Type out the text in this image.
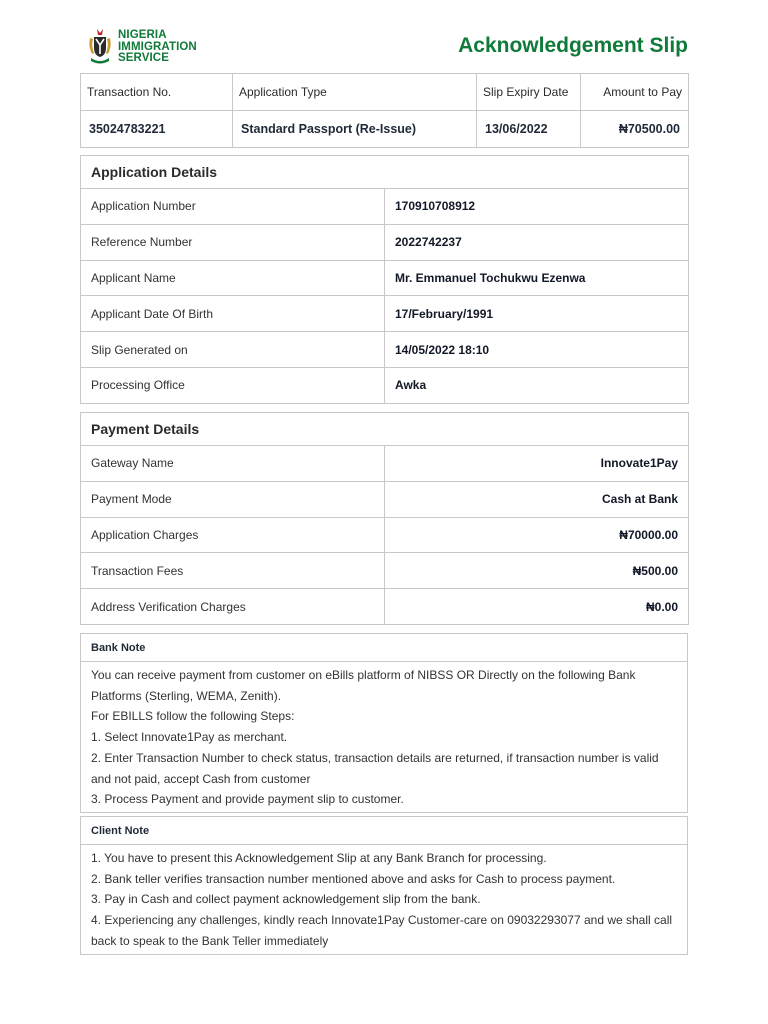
NIGERIA
IMMIGRATION
SERVICE
Acknowledgement Slip
Transaction No.	Application Type	Slip Expiry Date	Amount to Pay
35024783221	Standard Passport (Re-Issue)	13/06/2022	₦70500.00
Application Details	
Application Number	170910708912
Reference Number	2022742237
Applicant Name	Mr. Emmanuel Tochukwu Ezenwa
Applicant Date Of Birth	17/February/1991
Slip Generated on	14/05/2022 18:10
Processing Office	Awka
Payment Details	
Gateway Name	Innovate1Pay
Payment Mode	Cash at Bank
Application Charges	₦70000.00
Transaction Fees	₦500.00
Address Verification Charges	₦0.00
Bank Note
You can receive payment from customer on eBills platform of NIBSS OR Directly on the following Bank Platforms (Sterling, WEMA, Zenith).
For EBILLS follow the following Steps:
1. Select Innovate1Pay as merchant.
2. Enter Transaction Number to check status, transaction details are returned, if transaction number is valid and not paid, accept Cash from customer
3. Process Payment and provide payment slip to customer.
Client Note
1. You have to present this Acknowledgement Slip at any Bank Branch for processing.
2. Bank teller verifies transaction number mentioned above and asks for Cash to process payment.
3. Pay in Cash and collect payment acknowledgement slip from the bank.
4. Experiencing any challenges, kindly reach Innovate1Pay Customer-care on 09032293077 and we shall call back to speak to the Bank Teller immediately
